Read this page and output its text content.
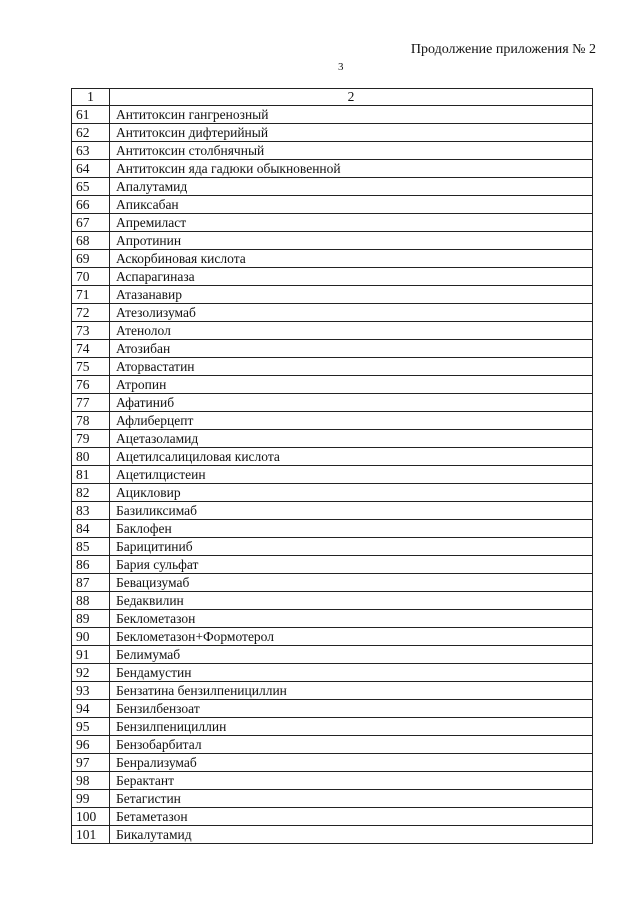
Продолжение приложения № 2
3
1	2
61	Антитоксин гангренозный
62	Антитоксин дифтерийный
63	Антитоксин столбнячный
64	Антитоксин яда гадюки обыкновенной
65	Апалутамид
66	Апиксабан
67	Апремиласт
68	Апротинин
69	Аскорбиновая кислота
70	Аспарагиназа
71	Атазанавир
72	Атезолизумаб
73	Атенолол
74	Атозибан
75	Аторвастатин
76	Атропин
77	Афатиниб
78	Афлиберцепт
79	Ацетазоламид
80	Ацетилсалициловая кислота
81	Ацетилцистеин
82	Ацикловир
83	Базиликсимаб
84	Баклофен
85	Барицитиниб
86	Бария сульфат
87	Бевацизумаб
88	Бедаквилин
89	Беклометазон
90	Беклометазон+Формотерол
91	Белимумаб
92	Бендамустин
93	Бензатина бензилпенициллин
94	Бензилбензоат
95	Бензилпенициллин
96	Бензобарбитал
97	Бенрализумаб
98	Берактант
99	Бетагистин
100	Бетаметазон
101	Бикалутамид
